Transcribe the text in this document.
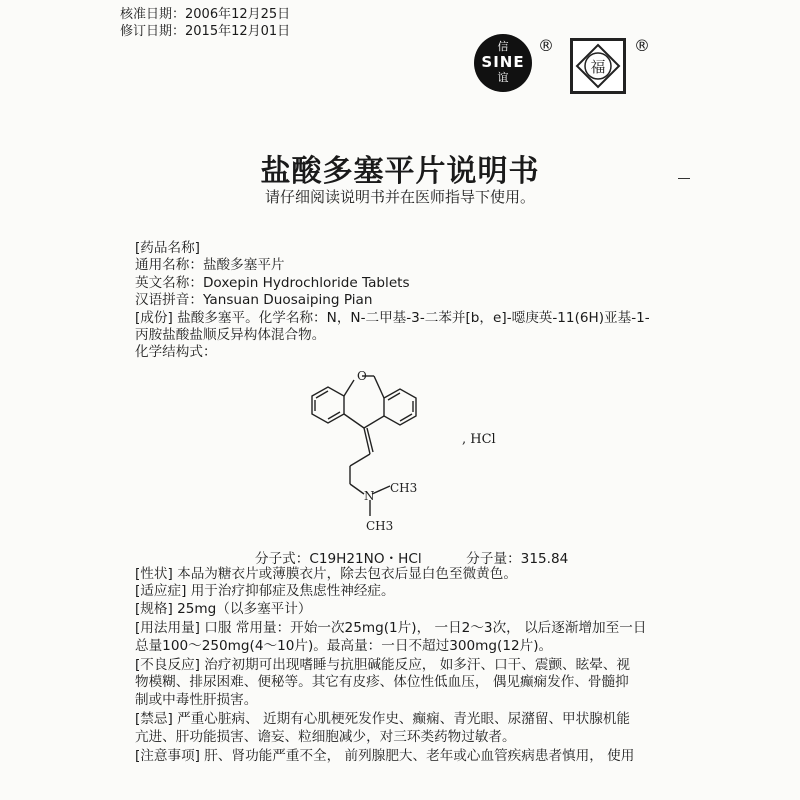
核准日期：2006年12月25日
修订日期：2015年12月01日
信
SINE
谊
®
福
®
盐酸多塞平片说明书
请仔细阅读说明书并在医师指导下使用。
[药品名称]
通用名称：盐酸多塞平片
英文名称：Doxepin Hydrochloride Tablets
汉语拼音：Yansuan Duosaiping Pian
[成份] 盐酸多塞平。化学名称：N，N-二甲基-3-二苯并[b，e]-噁庚英-11(6H)亚基-1-
丙胺盐酸盐顺反异构体混合物。
化学结构式：
O
N
CH3
CH3
, HCl
分子式：C19H21NO・HCl	分子量：315.84
[性状] 本品为糖衣片或薄膜衣片，除去包衣后显白色至微黄色。
[适应症] 用于治疗抑郁症及焦虑性神经症。
[规格] 25mg（以多塞平计）
[用法用量] 口服 常用量：开始一次25mg(1片)， 一日2～3次， 以后逐渐增加至一日
总量100～250mg(4～10片)。最高量：一日不超过300mg(12片)。
[不良反应] 治疗初期可出现嗜睡与抗胆碱能反应， 如多汗、口干、震颤、眩晕、视
物模糊、排尿困难、便秘等。其它有皮疹、体位性低血压， 偶见癫痫发作、骨髓抑
制或中毒性肝损害。
[禁忌] 严重心脏病、 近期有心肌梗死发作史、癫痫、青光眼、尿潴留、甲状腺机能
亢进、肝功能损害、谵妄、粒细胞减少，对三环类药物过敏者。
[注意事项] 肝、肾功能严重不全， 前列腺肥大、老年或心血管疾病患者慎用， 使用
